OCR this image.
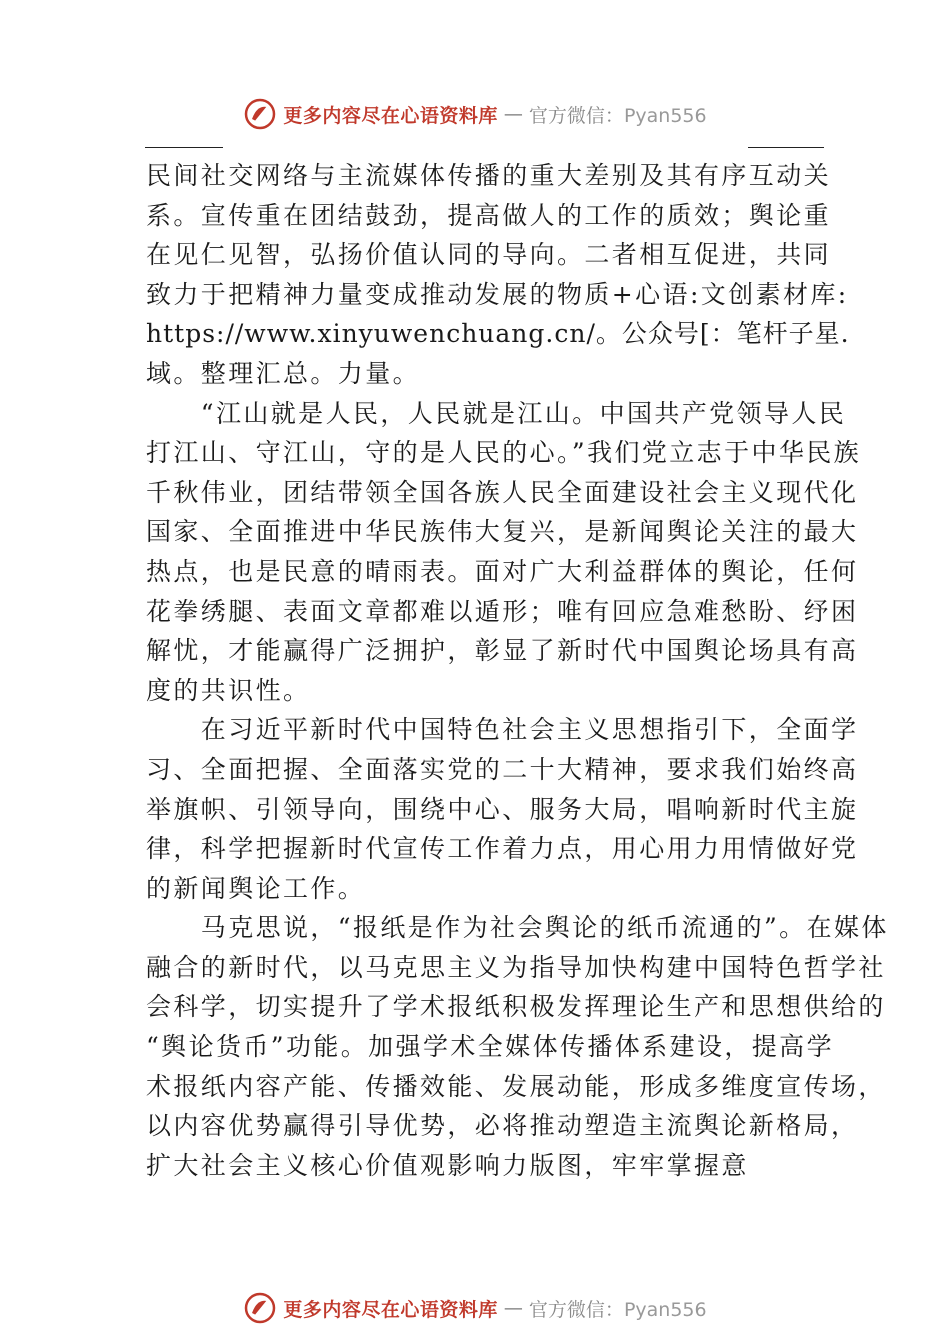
更多内容尽在心语资料库 — 官方微信：Pyan556
民间社交网络与主流媒体传播的重大差别及其有序互动关
系。宣传重在团结鼓劲，提高做人的工作的质效；舆论重
在见仁见智，弘扬价值认同的导向。二者相互促进，共同
致力于把精神力量变成推动发展的物质+心语:文创素材库:
https://www.xinyuwenchuang.cn/。公众号[：笔杆子星.
域。整理汇总。力量。
　　“江山就是人民，人民就是江山。中国共产党领导人民
打江山、守江山，守的是人民的心。”我们党立志于中华民族
千秋伟业，团结带领全国各族人民全面建设社会主义现代化
国家、全面推进中华民族伟大复兴，是新闻舆论关注的最大
热点，也是民意的晴雨表。面对广大利益群体的舆论，任何
花拳绣腿、表面文章都难以遁形；唯有回应急难愁盼、纾困
解忧，才能赢得广泛拥护，彰显了新时代中国舆论场具有高
度的共识性。
　　在习近平新时代中国特色社会主义思想指引下，全面学
习、全面把握、全面落实党的二十大精神，要求我们始终高
举旗帜、引领导向，围绕中心、服务大局，唱响新时代主旋
律，科学把握新时代宣传工作着力点，用心用力用情做好党
的新闻舆论工作。
　　马克思说，“报纸是作为社会舆论的纸币流通的”。在媒体
融合的新时代，以马克思主义为指导加快构建中国特色哲学社
会科学，切实提升了学术报纸积极发挥理论生产和思想供给的
“舆论货币”功能。加强学术全媒体传播体系建设，提高学
术报纸内容产能、传播效能、发展动能，形成多维度宣传场，
以内容优势赢得引导优势，必将推动塑造主流舆论新格局，
扩大社会主义核心价值观影响力版图，牢牢掌握意
更多内容尽在心语资料库 — 官方微信：Pyan556
